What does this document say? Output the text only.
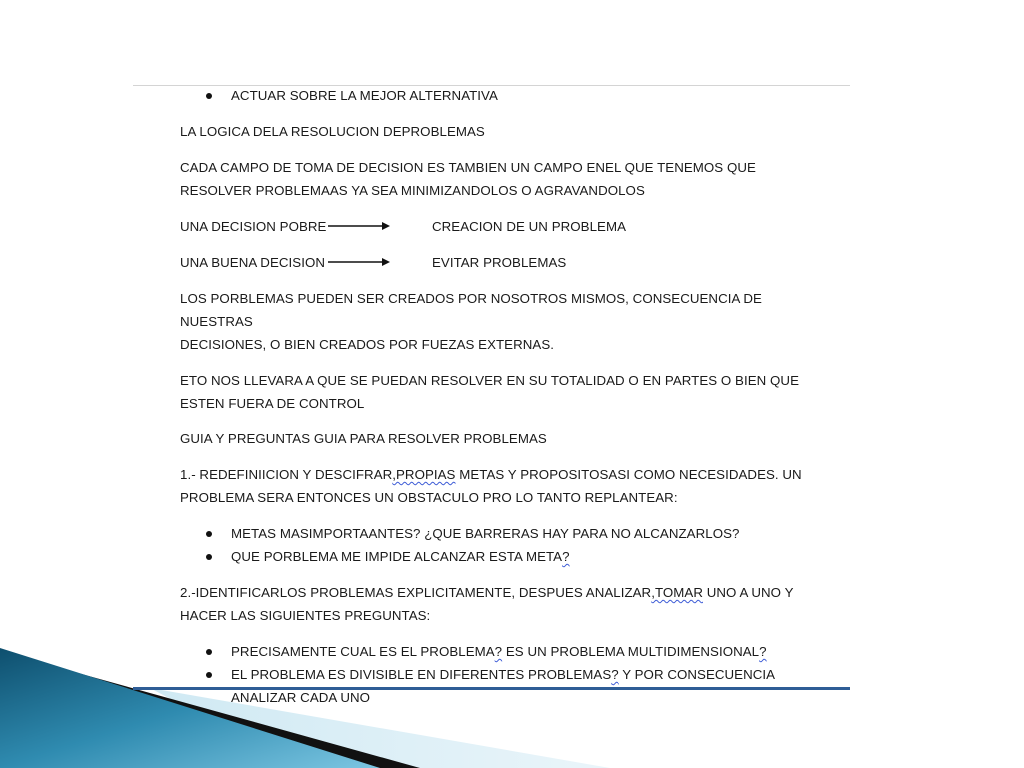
ACTUAR SOBRE LA MEJOR ALTERNATIVA

LA LOGICA DELA RESOLUCION DEPROBLEMAS

CADA CAMPO DE TOMA DE DECISION ES TAMBIEN UN CAMPO ENEL QUE TENEMOS QUE
RESOLVER PROBLEMAAS YA SEA MINIMIZANDOLOS O AGRAVANDOLOS

UNA DECISION POBRE	CREACION DE UN PROBLEMA
UNA BUENA DECISION	EVITAR PROBLEMAS

LOS PORBLEMAS PUEDEN SER CREADOS POR NOSOTROS MISMOS, CONSECUENCIA DE NUESTRAS
DECISIONES, O BIEN CREADOS POR FUEZAS EXTERNAS.

ETO NOS LLEVARA A QUE SE PUEDAN RESOLVER EN SU TOTALIDAD O EN PARTES O BIEN QUE
ESTEN FUERA DE CONTROL

GUIA Y PREGUNTAS GUIA PARA RESOLVER PROBLEMAS

1.- REDEFINIICION Y DESCIFRAR,PROPIAS METAS Y PROPOSITOSASI COMO NECESIDADES. UN
PROBLEMA SERA ENTONCES UN OBSTACULO PRO LO TANTO REPLANTEAR:

METAS MASIMPORTAANTES? ¿QUE BARRERAS HAY PARA NO ALCANZARLOS?

QUE PORBLEMA ME IMPIDE ALCANZAR ESTA META?

2.-IDENTIFICARLOS PROBLEMAS EXPLICITAMENTE, DESPUES ANALIZAR,TOMAR UNO A UNO Y
HACER LAS SIGUIENTES PREGUNTAS:

PRECISAMENTE CUAL ES EL PROBLEMA? ES UN PROBLEMA MULTIDIMENSIONAL?

EL PROBLEMA ES DIVISIBLE EN DIFERENTES PROBLEMAS? Y POR CONSECUENCIA
ANALIZAR CADA UNO
